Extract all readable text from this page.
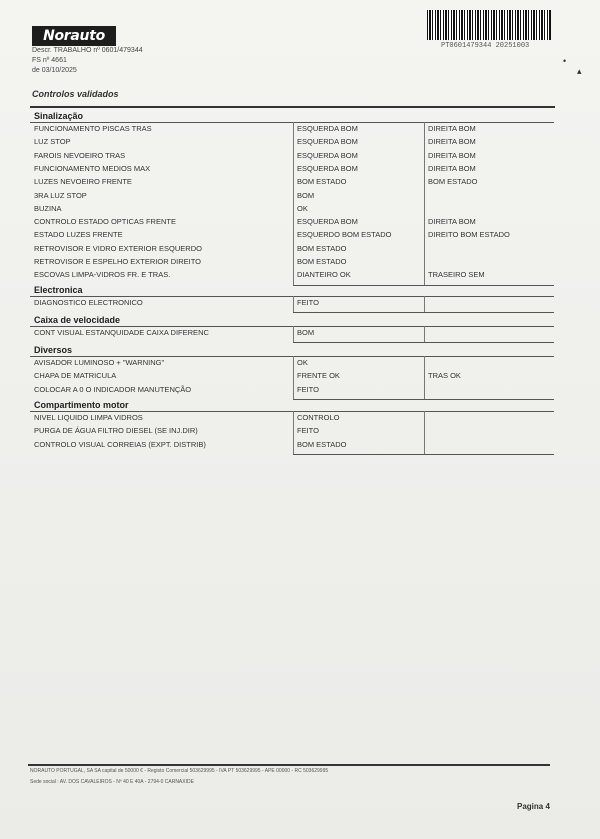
Norauto
Descr. TRABALHO nº 0601/479344
FS nº 4661
de 03/10/2025
PT0601479344 20251003
•
▴
Controlos validados
Sinalização
FUNCIONAMENTO PISCAS TRAS	ESQUERDA BOM	DIREITA BOM
LUZ STOP	ESQUERDA BOM	DIREITA BOM
FAROIS NEVOEIRO TRAS	ESQUERDA BOM	DIREITA BOM
FUNCIONAMENTO MEDIOS MAX	ESQUERDA BOM	DIREITA BOM
LUZES NEVOEIRO FRENTE	BOM ESTADO	BOM ESTADO
3RA LUZ STOP	BOM
BUZINA	OK
CONTROLO ESTADO OPTICAS FRENTE	ESQUERDA BOM	DIREITA BOM
ESTADO LUZES FRENTE	ESQUERDO BOM ESTADO	DIREITO BOM ESTADO
RETROVISOR E VIDRO EXTERIOR ESQUERDO	BOM ESTADO
RETROVISOR E ESPELHO EXTERIOR DIREITO	BOM ESTADO
ESCOVAS LIMPA-VIDROS FR. E TRAS.	DIANTEIRO OK	TRASEIRO SEM
Electronica
DIAGNOSTICO ELECTRONICO	FEITO
Caixa de velocidade
CONT VISUAL ESTANQUIDADE CAIXA DIFERENC	BOM
Diversos
AVISADOR LUMINOSO + "WARNING"	OK
CHAPA DE MATRICULA	FRENTE OK	TRAS OK
COLOCAR A 0 O INDICADOR MANUTENÇÃO	FEITO
Compartimento motor
NIVEL LIQUIDO LIMPA VIDROS	CONTROLO
PURGA DE ÁGUA FILTRO DIESEL (SE INJ.DIR)	FEITO
CONTROLO VISUAL CORREIAS (EXPT. DISTRIB)	BOM ESTADO
NORAUTO PORTUGAL, SA SA capital de 50000 € - Registo Comercial 503629995 - IVA PT 503629995 - APE 00000 - RC 503629995
Sede social : AV. DOS CAVALEIROS - Nº 40 E 40A - 2794-0 CARNAXIDE
Pagina 4
